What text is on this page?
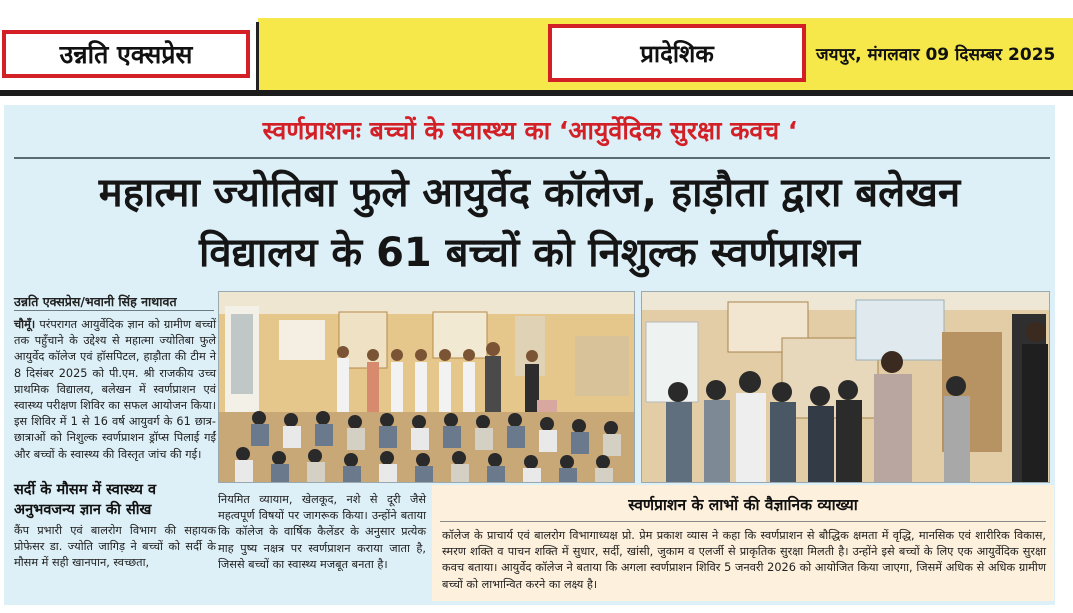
उन्नति एक्सप्रेस	प्रादेशिक	जयपुर, मंगलवार 09 दिसम्बर 2025
स्वर्णप्राशनः बच्चों के स्वास्थ्य का ‘आयुर्वेदिक सुरक्षा कवच ‘
महात्मा ज्योतिबा फुले आयुर्वेद कॉलेज, हाड़ौता द्वारा बलेखन
विद्यालय के 61 बच्चों को निशुल्क स्वर्णप्राशन
उन्नति एक्सप्रेस/भवानी सिंह नाथावत
चौमूँ। परंपरागत आयुर्वेदिक ज्ञान को ग्रामीण बच्चों तक पहुँचाने के उद्देश्य से महात्मा ज्योतिबा फुले आयुर्वेद कॉलेज एवं हॉसपिटल, हाड़ौता की टीम ने 8 दिसंबर 2025 को पी.एम. श्री राजकीय उच्च प्राथमिक विद्यालय, बलेखन में स्वर्णप्राशन एवं स्वास्थ्य परीक्षण शिविर का सफल आयोजन किया। इस शिविर में 1 से 16 वर्ष आयुवर्ग के 61 छात्र-छात्राओं को निशुल्क स्वर्णप्राशन ड्रॉप्स पिलाई गईं और बच्चों के स्वास्थ्य की विस्तृत जांच की गई।
सर्दी के मौसम में स्वास्थ्य व अनुभवजन्य ज्ञान की सीख
कैंप प्रभारी एवं बालरोग विभाग की सहायक प्रोफेसर डा. ज्योति जागिड़ ने बच्चों को सर्दी के मौसम में सही खानपान, स्वच्छता,
नियमित व्यायाम, खेलकूद, नशे से दूरी जैसे महत्वपूर्ण विषयों पर जागरूक किया। उन्होंने बताया कि कॉलेज के वार्षिक कैलेंडर के अनुसार प्रत्येक माह पुष्य नक्षत्र पर स्वर्णप्राशन कराया जाता है, जिससे बच्चों का स्वास्थ्य मजबूत बनता है।
स्वर्णप्राशन के लाभों की वैज्ञानिक व्याख्या
कॉलेज के प्राचार्य एवं बालरोग विभागाध्यक्ष प्रो. प्रेम प्रकाश व्यास ने कहा कि स्वर्णप्राशन से बौद्धिक क्षमता में वृद्धि, मानसिक एवं शारीरिक विकास, स्मरण शक्ति व पाचन शक्ति में सुधार, सर्दी, खांसी, जुकाम व एलर्जी से प्राकृतिक सुरक्षा मिलती है। उन्होंने इसे बच्चों के लिए एक आयुर्वेदिक सुरक्षा कवच बताया। आयुर्वेद कॉलेज ने बताया कि अगला स्वर्णप्राशन शिविर 5 जनवरी 2026 को आयोजित किया जाएगा, जिसमें अधिक से अधिक ग्रामीण बच्चों को लाभान्वित करने का लक्ष्य है।
